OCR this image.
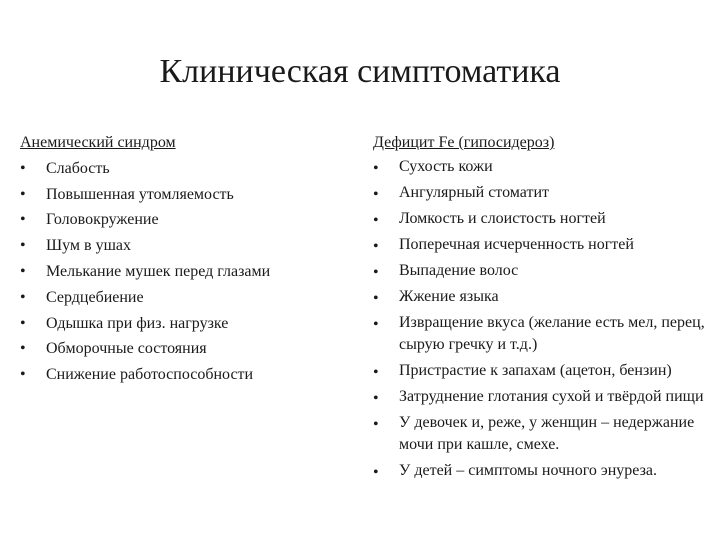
Клиническая симптоматика
Анемический синдром
•	Слабость
•	Повышенная утомляемость
•	Головокружение
•	Шум в ушах
•	Мелькание мушек перед глазами
•	Сердцебиение
•	Одышка при физ. нагрузке
•	Обморочные состояния
•	Снижение работоспособности
Дефицит Fe (гипосидероз)
•	Сухость кожи
•	Ангулярный стоматит
•	Ломкость и слоистость ногтей
•	Поперечная исчерченность ногтей
•	Выпадение волос
•	Жжение языка
•	Извращение вкуса (желание есть мел, перец, сырую гречку и т.д.)
•	Пристрастие к запахам (ацетон, бензин)
•	Затруднение глотания сухой и твёрдой пищи
•	У девочек и, реже, у женщин – недержание мочи при кашле, смехе.
•	У детей – симптомы ночного энуреза.
